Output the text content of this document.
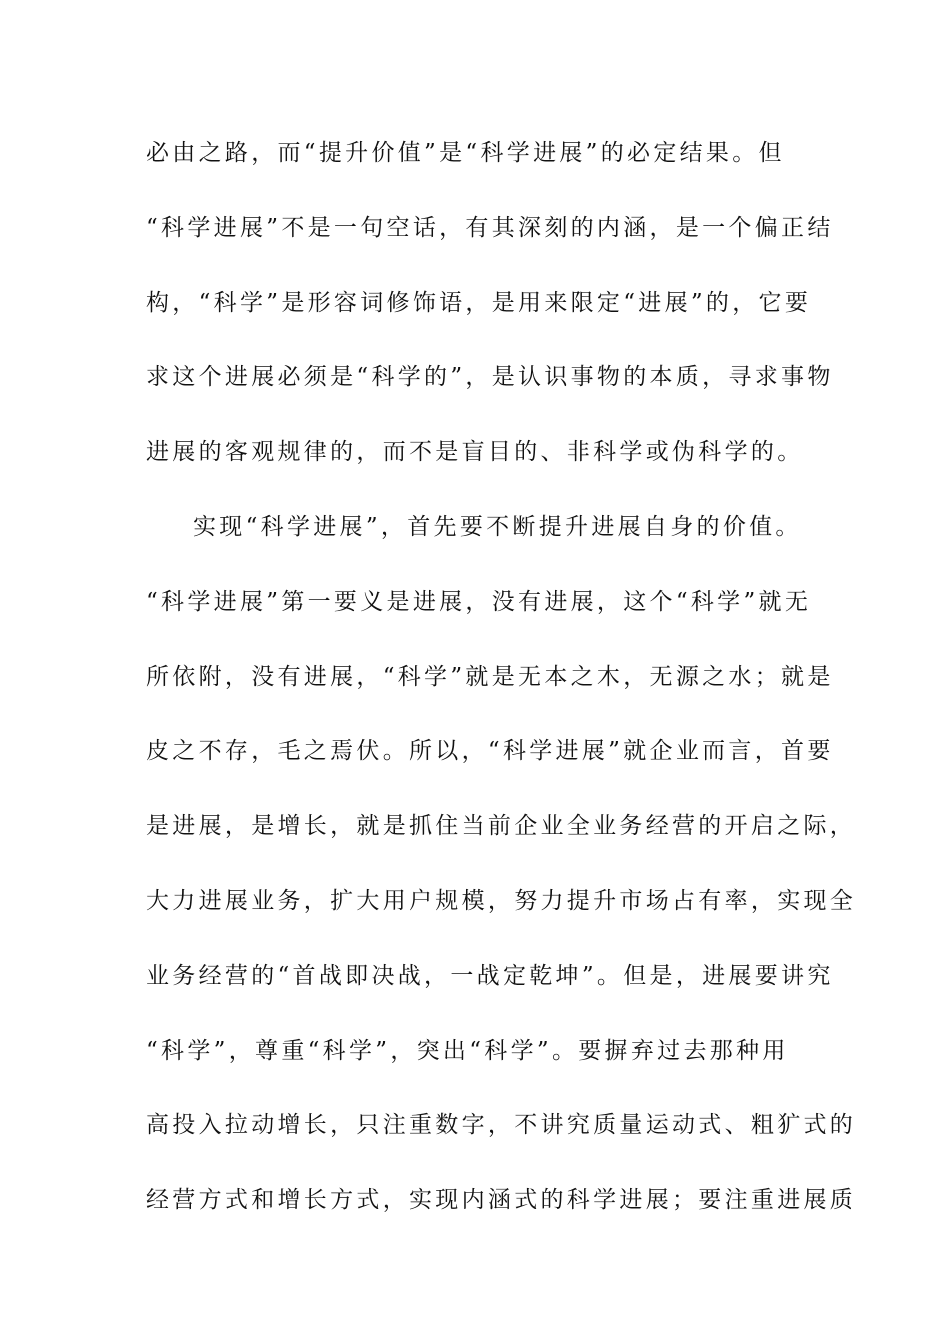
必由之路，而“提升价值”是“科学进展”的必定结果。但
“科学进展”不是一句空话，有其深刻的内涵，是一个偏正结
构，“科学”是形容词修饰语，是用来限定“进展”的，它要
求这个进展必须是“科学的”，是认识事物的本质，寻求事物
进展的客观规律的，而不是盲目的、非科学或伪科学的。
实现“科学进展”，首先要不断提升进展自身的价值。
“科学进展”第一要义是进展，没有进展，这个“科学”就无
所依附，没有进展，“科学”就是无本之木，无源之水；就是
皮之不存，毛之焉伏。所以，“科学进展”就企业而言，首要
是进展，是增长，就是抓住当前企业全业务经营的开启之际，
大力进展业务，扩大用户规模，努力提升市场占有率，实现全
业务经营的“首战即决战，一战定乾坤”。但是，进展要讲究
“科学”，尊重“科学”，突出“科学”。要摒弃过去那种用
高投入拉动增长，只注重数字，不讲究质量运动式、粗犷式的
经营方式和增长方式，实现内涵式的科学进展；要注重进展质
